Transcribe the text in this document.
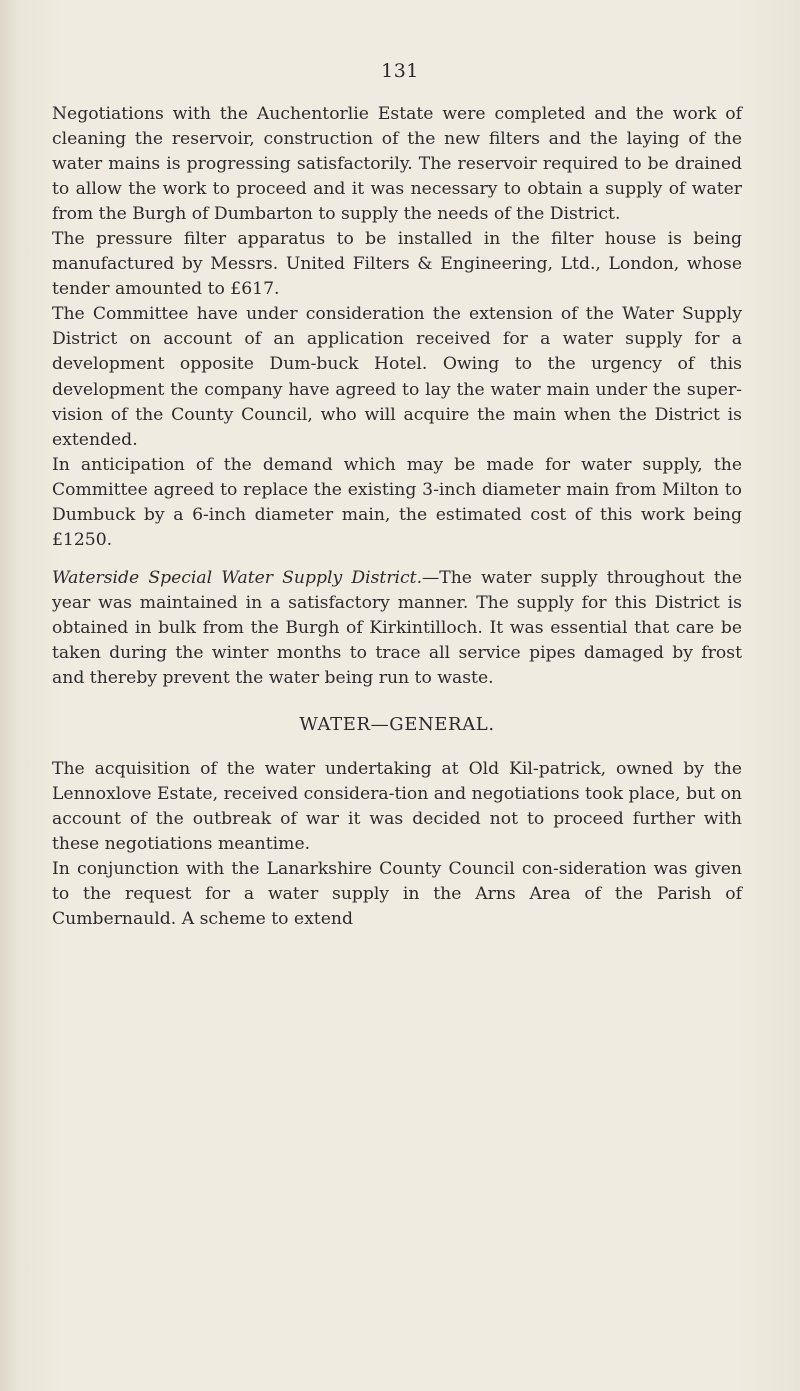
131

Negotiations with the Auchentorlie Estate were completed and the work of cleaning the reservoir, construction of the new filters and the laying of the water mains is progressing satisfactorily. The reservoir required to be drained to allow the work to proceed and it was necessary to obtain a supply of water from the Burgh of Dumbarton to supply the needs of the District.

The pressure filter apparatus to be installed in the filter house is being manufactured by Messrs. United Filters & Engineering, Ltd., London, whose tender amounted to £617.

The Committee have under consideration the extension of the Water Supply District on account of an application received for a water supply for a development opposite Dum-buck Hotel. Owing to the urgency of this development the company have agreed to lay the water main under the super-vision of the County Council, who will acquire the main when the District is extended.

In anticipation of the demand which may be made for water supply, the Committee agreed to replace the existing 3-inch diameter main from Milton to Dumbuck by a 6-inch diameter main, the estimated cost of this work being £1250.

Waterside Special Water Supply District.—The water supply throughout the year was maintained in a satisfactory manner. The supply for this District is obtained in bulk from the Burgh of Kirkintilloch. It was essential that care be taken during the winter months to trace all service pipes damaged by frost and thereby prevent the water being run to waste.

WATER—GENERAL.

The acquisition of the water undertaking at Old Kil-patrick, owned by the Lennoxlove Estate, received considera-tion and negotiations took place, but on account of the outbreak of war it was decided not to proceed further with these negotiations meantime.

In conjunction with the Lanarkshire County Council con-sideration was given to the request for a water supply in the Arns Area of the Parish of Cumbernauld. A scheme to extend
